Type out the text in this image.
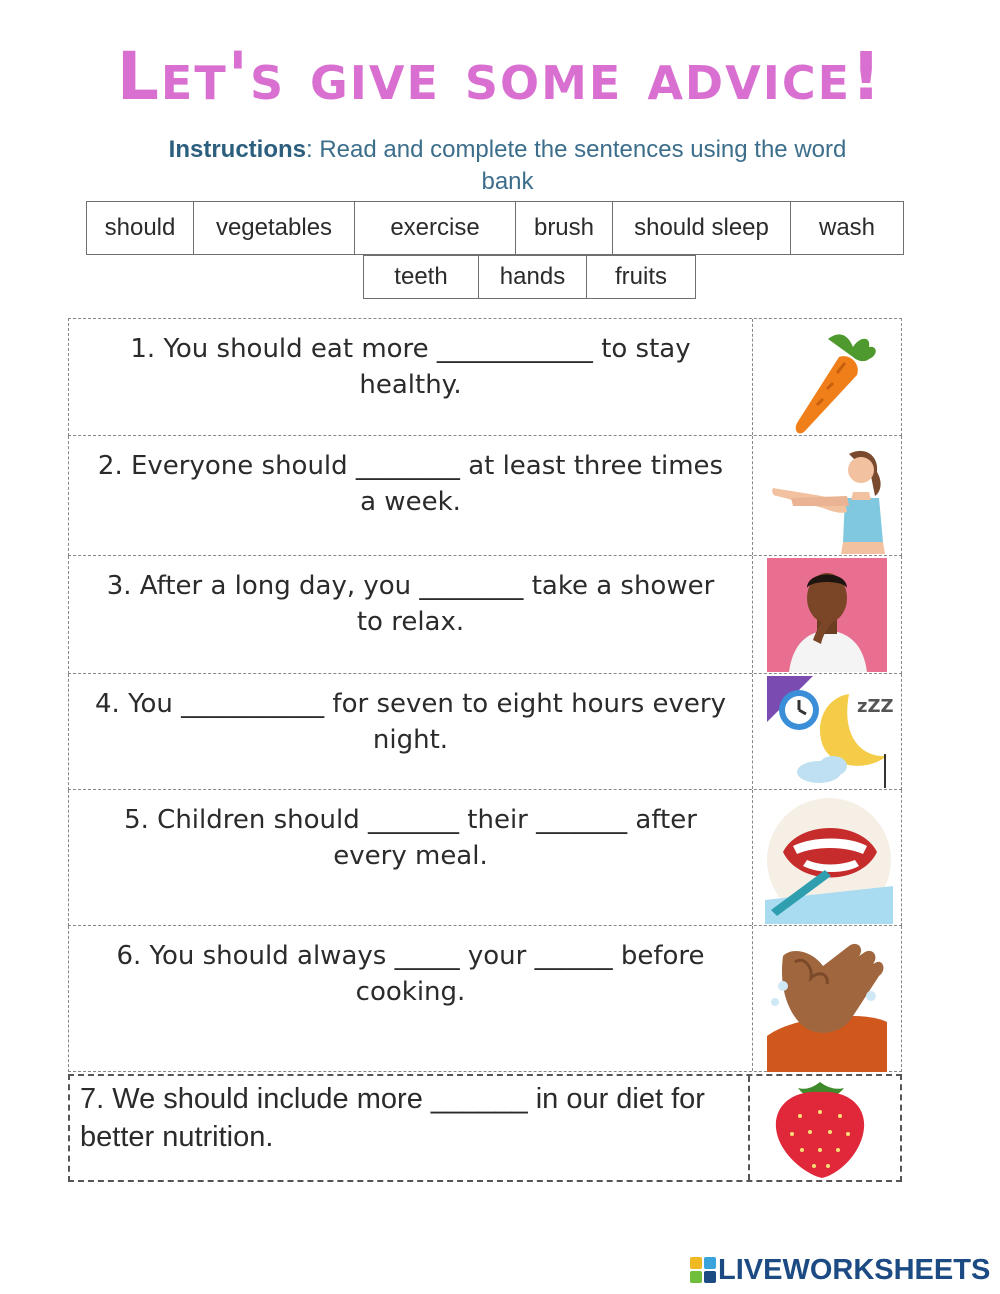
Let's give some advice!
Instructions: Read and complete the sentences using the word bank
should	vegetables	exercise	brush	should sleep	wash
teeth	hands	fruits
1. You should eat more ____________ to stay healthy.
2. Everyone should ________ at least three times a week.
3. After a long day, you ________ take a shower to relax.
4. You ___________ for seven to eight hours every night.
zZZ
5. Children should _______ their _______ after every meal.
6. You should always _____ your ______ before cooking.
7. We should include more ______ in our diet for better nutrition.
LIVEWORKSHEETS
